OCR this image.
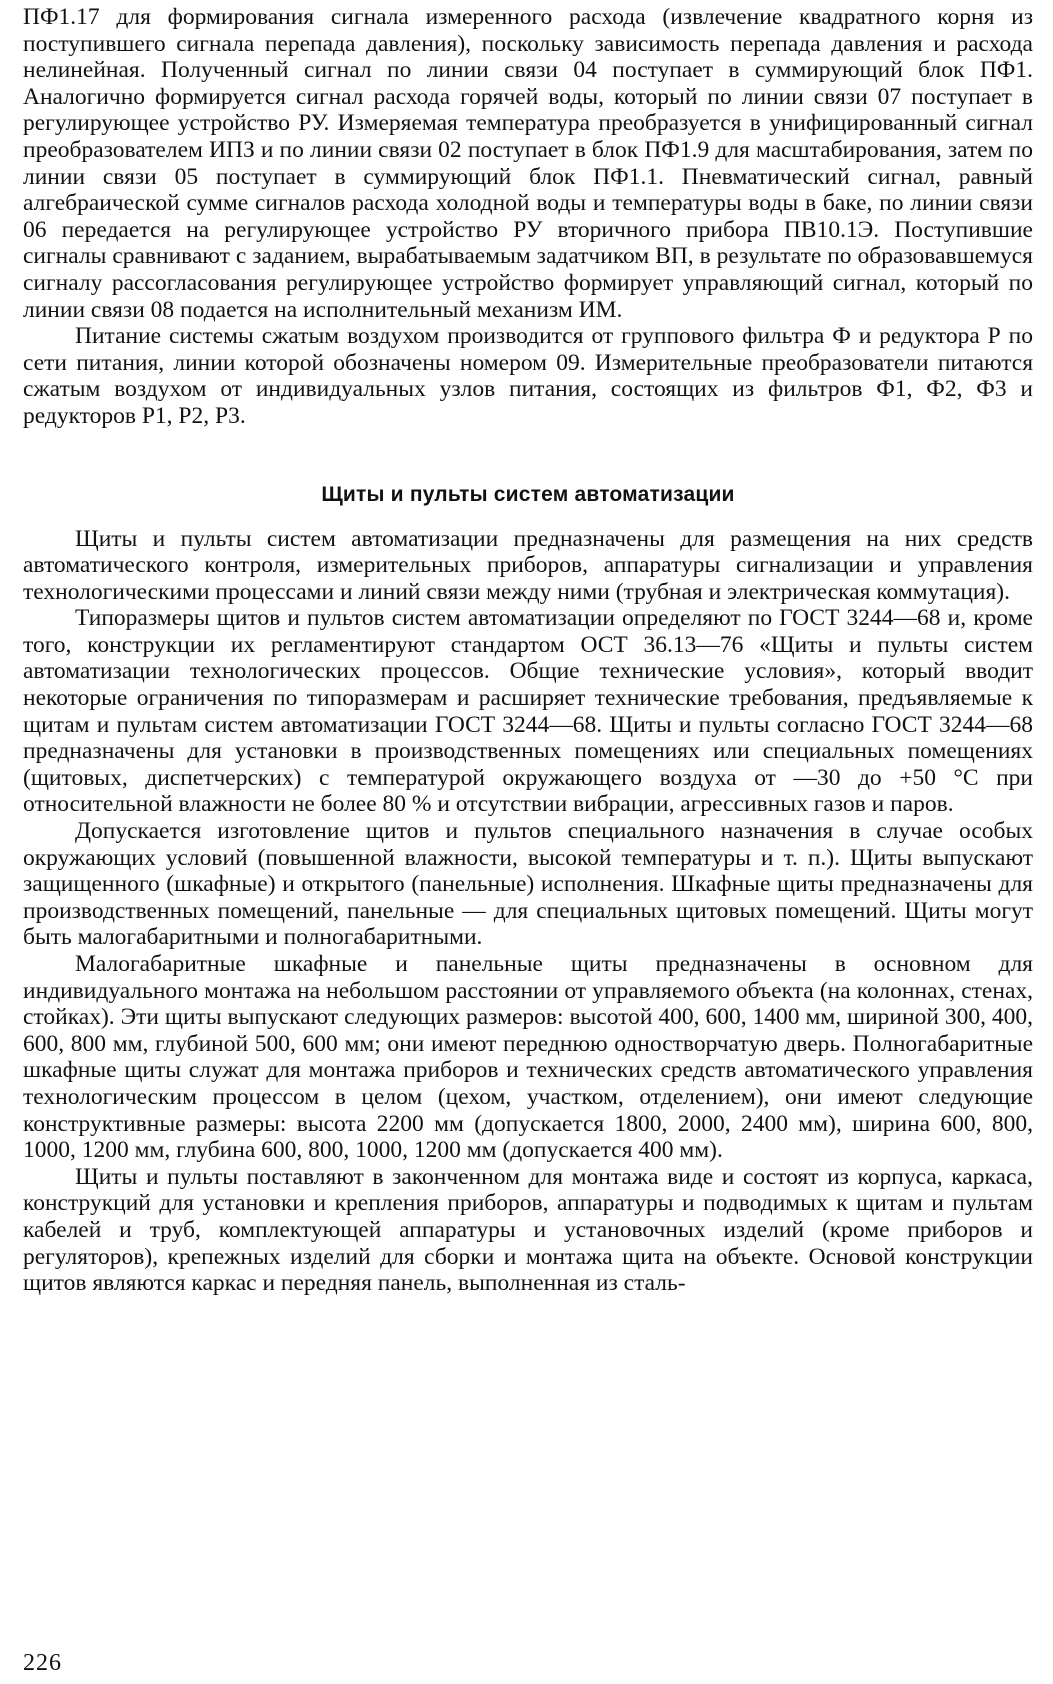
ПФ1.17 для формирования сигнала измеренного расхода (извлечение квадратного корня из поступившего сигнала перепада давления), поскольку зависимость перепада давления и расхода нелинейная. Полученный сигнал по линии связи 04 поступает в суммирующий блок ПФ1. Аналогично формируется сигнал расхода горячей воды, который по линии связи 07 поступает в регулирующее устройство РУ. Измеряемая температура преобразуется в унифицированный сигнал преобразователем ИПЗ и по линии связи 02 поступает в блок ПФ1.9 для масштабирования, затем по линии связи 05 поступает в суммирующий блок ПФ1.1. Пневматический сигнал, равный алгебраической сумме сигналов расхода холодной воды и температуры воды в баке, по линии связи 06 передается на регулирующее устройство РУ вторичного прибора ПВ10.1Э. Поступившие сигналы сравнивают с заданием, вырабатываемым задатчиком ВП, в результате по образовавшемуся сигналу рассогласования регулирующее устройство формирует управляющий сигнал, который по линии связи 08 подается на исполнительный механизм ИМ.

Питание системы сжатым воздухом производится от группового фильтра Ф и редуктора Р по сети питания, линии которой обозначены номером 09. Измерительные преобразователи питаются сжатым воздухом от индивидуальных узлов питания, состоящих из фильтров Ф1, Ф2, Ф3 и редукторов Р1, Р2, Р3.

Щиты и пульты систем автоматизации

Щиты и пульты систем автоматизации предназначены для размещения на них средств автоматического контроля, измерительных приборов, аппаратуры сигнализации и управления технологическими процессами и линий связи между ними (трубная и электрическая коммутация).

Типоразмеры щитов и пультов систем автоматизации определяют по ГОСТ 3244—68 и, кроме того, конструкции их регламентируют стандартом ОСТ 36.13—76 «Щиты и пульты систем автоматизации технологических процессов. Общие технические условия», который вводит некоторые ограничения по типоразмерам и расширяет технические требования, предъявляемые к щитам и пультам систем автоматизации ГОСТ 3244—68. Щиты и пульты согласно ГОСТ 3244—68 предназначены для установки в производственных помещениях или специальных помещениях (щитовых, диспетчерских) с температурой окружающего воздуха от —30 до +50 °С при относительной влажности не более 80 % и отсутствии вибрации, агрессивных газов и паров.

Допускается изготовление щитов и пультов специального назначения в случае особых окружающих условий (повышенной влажности, высокой температуры и т. п.). Щиты выпускают защищенного (шкафные) и открытого (панельные) исполнения. Шкафные щиты предназначены для производственных помещений, панельные — для специальных щитовых помещений. Щиты могут быть малогабаритными и полногабаритными.

Малогабаритные шкафные и панельные щиты предназначены в основном для индивидуального монтажа на небольшом расстоянии от управляемого объекта (на колоннах, стенах, стойках). Эти щиты выпускают следующих размеров: высотой 400, 600, 1400 мм, шириной 300, 400, 600, 800 мм, глубиной 500, 600 мм; они имеют переднюю одностворчатую дверь. Полногабаритные шкафные щиты служат для монтажа приборов и технических средств автоматического управления технологическим процессом в целом (цехом, участком, отделением), они имеют следующие конструктивные размеры: высота 2200 мм (допускается 1800, 2000, 2400 мм), ширина 600, 800, 1000, 1200 мм, глубина 600, 800, 1000, 1200 мм (допускается 400 мм).

Щиты и пульты поставляют в законченном для монтажа виде и состоят из корпуса, каркаса, конструкций для установки и крепления приборов, аппаратуры и подводимых к щитам и пультам кабелей и труб, комплектующей аппаратуры и установочных изделий (кроме приборов и регуляторов), крепежных изделий для сборки и монтажа щита на объекте. Основой конструкции щитов являются каркас и передняя панель, выполненная из сталь-

226
